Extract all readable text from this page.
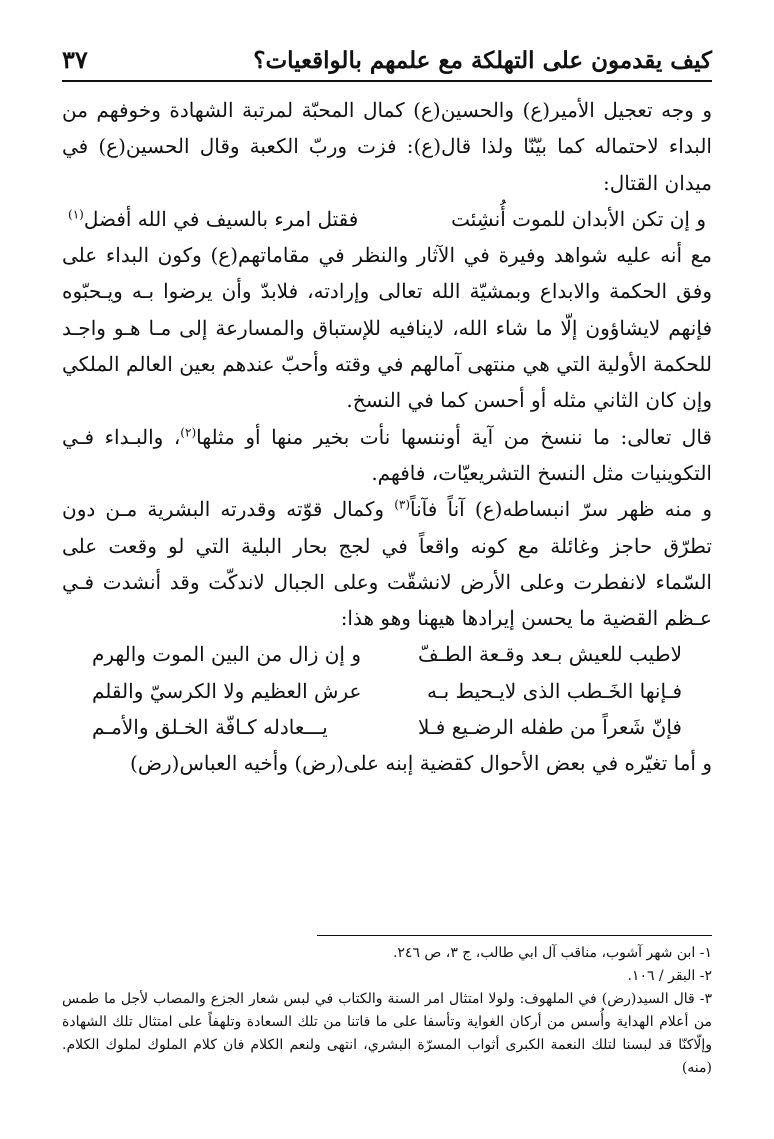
كيف يقدمون على التهلكة مع علمهم بالواقعيات؟
٣٧

و وجه تعجيل الأمير(ع) والحسين(ع) كمال المحبّة لمرتبة الشهادة وخوفهم من البداء لاحتماله كما بيّنّا ولذا قال(ع): فزت وربّ الكعبة وقال الحسين(ع) في ميدان القتال:

و إن تكن الأبدان للموت أُنشِئت
فقتل امرء بالسيف في الله أفضل$^{(١)}$

مع أنه عليه شواهد وفيرة في الآثار والنظر في مقاماتهم(ع) وكون البداء على وفق الحكمة والابداع وبمشيّة الله تعالى وإرادته، فلابدّ وأن يرضوا بـه ويـحبّوه فإنهم لايشاؤون إلّا ما شاء الله، لاينافيه للإستباق والمسارعة إلى مـا هـو واجـد للحكمة الأولية التي هي منتهى آمالهم في وقته وأحبّ عندهم بعين العالم الملكي وإن كان الثاني مثله أو أحسن كما في النسخ.

قال تعالى: ما ننسخ من آية أوننسها نأت بخير منها أو مثلها$^{(٢)}$، والبـداء فـي التكوينيات مثل النسخ التشريعيّات، فافهم.

و منه ظهر سرّ انبساطه(ع) آناً فآناً$^{(٣)}$ وكمال قوّته وقدرته البشرية مـن دون تطرّق حاجز وغائلة مع كونه واقعاً في لجج بحار البلية التي لو وقعت على السّماء لانفطرت وعلى الأرض لانشقّت وعلى الجبال لاندكّت وقد أنشدت فـي عـظم القضية ما يحسن إيرادها هيهنا وهو هذا:

لاطيب للعيش بـعد وقـعة الطـفّ
و إن زال من البين الموت والهرم
فـإنها الخَـطب الذى لايـحيط بـه
عرش العظيم ولا الكرسيّ والقلم
فإنّ شَعراً من طفله الرضـيع فـلا
يـــعادله كـافّة الخـلق والأمـم

و أما تغيّره في بعض الأحوال كقضية إبنه على(رض) وأخيه العباس(رض)

١- ابن شهر آشوب، مناقب آل ابي طالب، ج ٣، ص ٢٤٦.

٢- البقر / ١٠٦.

٣- قال السيد(رض) في الملهوف: ولولا امتثال امر السنة والكتاب في لبس شعار الجزع والمصاب لأجل ما طمس من أعلام الهداية وأُسس من أركان الغواية وتأسفا على ما فاتنا من تلك السعادة وتلهفاً على امتثال تلك الشهادة وإلّاكنّا قد لبسنا لتلك النعمة الكبرى أثواب المسرّة البشري، انتهى ولنعم الكلام فان كلام الملوك لملوك الكلام.(منه)
